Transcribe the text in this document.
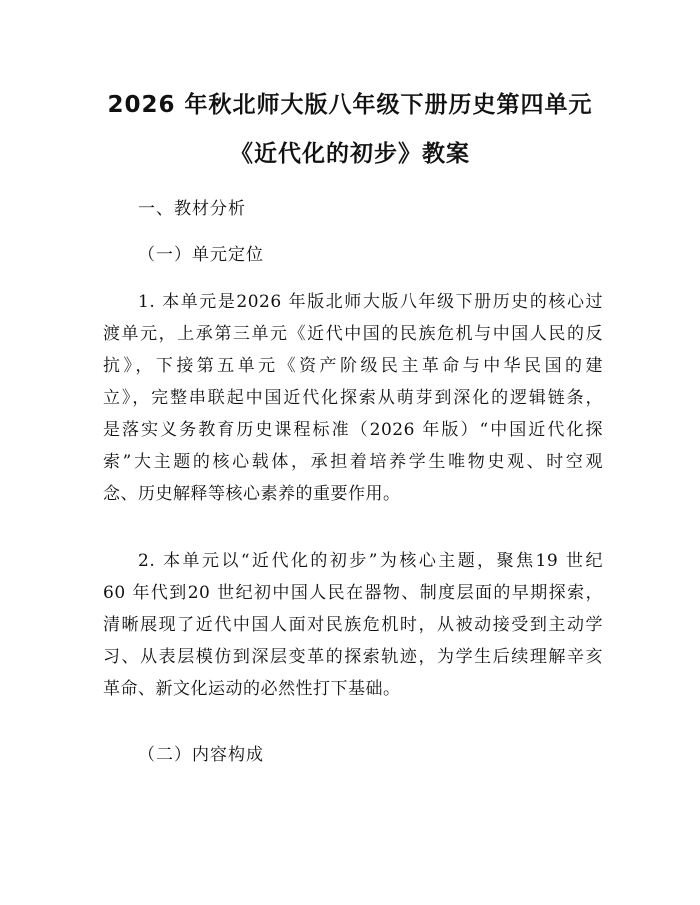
2026 年秋北师大版八年级下册历史第四单元
《近代化的初步》教案
一、教材分析
（一）单元定位
1. 本单元是2026 年版北师大版八年级下册历史的核心过
渡单元，上承第三单元《近代中国的民族危机与中国人民的反
抗》，下接第五单元《资产阶级民主革命与中华民国的建
立》，完整串联起中国近代化探索从萌芽到深化的逻辑链条，
是落实义务教育历史课程标准（2026 年版）“中国近代化探
索”大主题的核心载体，承担着培养学生唯物史观、时空观
念、历史解释等核心素养的重要作用。
2. 本单元以“近代化的初步”为核心主题，聚焦19 世纪
60 年代到20 世纪初中国人民在器物、制度层面的早期探索，
清晰展现了近代中国人面对民族危机时，从被动接受到主动学
习、从表层模仿到深层变革的探索轨迹，为学生后续理解辛亥
革命、新文化运动的必然性打下基础。
（二）内容构成
